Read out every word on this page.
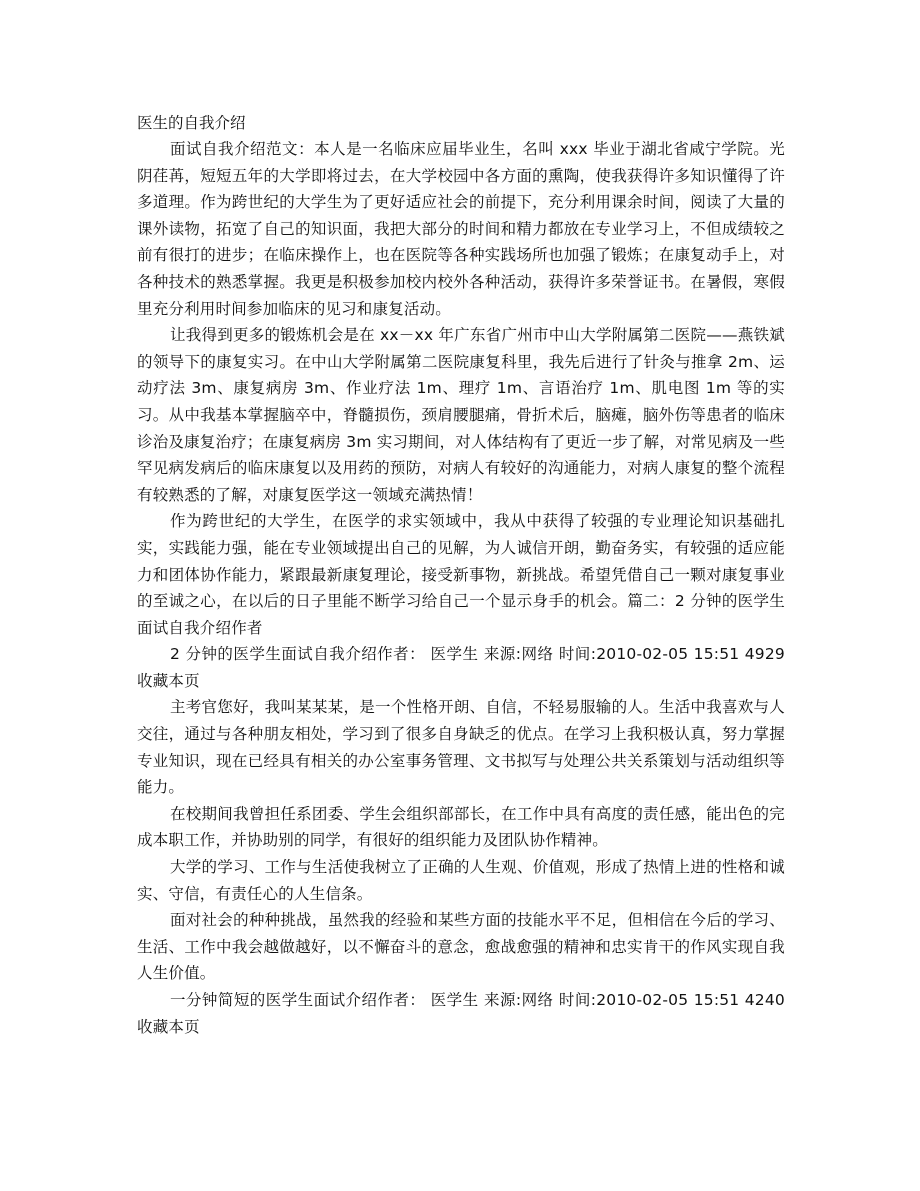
医生的自我介绍

面试自我介绍范文：本人是一名临床应届毕业生，名叫 xxx 毕业于湖北省咸宁学院。光阴荏苒，短短五年的大学即将过去，在大学校园中各方面的熏陶，使我获得许多知识懂得了许多道理。作为跨世纪的大学生为了更好适应社会的前提下，充分利用课余时间，阅读了大量的课外读物，拓宽了自己的知识面，我把大部分的时间和精力都放在专业学习上，不但成绩较之前有很打的进步；在临床操作上，也在医院等各种实践场所也加强了锻炼；在康复动手上，对各种技术的熟悉掌握。我更是积极参加校内校外各种活动，获得许多荣誉证书。在暑假，寒假里充分利用时间参加临床的见习和康复活动。

让我得到更多的锻炼机会是在 xx－xx 年广东省广州市中山大学附属第二医院——燕铁斌的领导下的康复实习。在中山大学附属第二医院康复科里，我先后进行了针灸与推拿 2m、运动疗法 3m、康复病房 3m、作业疗法 1m、理疗 1m、言语治疗 1m、肌电图 1m 等的实习。从中我基本掌握脑卒中，脊髓损伤，颈肩腰腿痛，骨折术后，脑瘫，脑外伤等患者的临床诊治及康复治疗；在康复病房 3m 实习期间，对人体结构有了更近一步了解，对常见病及一些罕见病发病后的临床康复以及用药的预防，对病人有较好的沟通能力，对病人康复的整个流程有较熟悉的了解，对康复医学这一领域充满热情！

作为跨世纪的大学生，在医学的求实领域中，我从中获得了较强的专业理论知识基础扎实，实践能力强，能在专业领域提出自己的见解，为人诚信开朗，勤奋务实，有较强的适应能力和团体协作能力，紧跟最新康复理论，接受新事物，新挑战。希望凭借自己一颗对康复事业的至诚之心，在以后的日子里能不断学习给自己一个显示身手的机会。篇二：2 分钟的医学生面试自我介绍作者

2 分钟的医学生面试自我介绍作者： 医学生 来源:网络 时间:2010-02-05 15:51 4929 收藏本页

主考官您好，我叫某某某，是一个性格开朗、自信，不轻易服输的人。生活中我喜欢与人交往，通过与各种朋友相处，学习到了很多自身缺乏的优点。在学习上我积极认真，努力掌握专业知识，现在已经具有相关的办公室事务管理、文书拟写与处理公共关系策划与活动组织等能力。

在校期间我曾担任系团委、学生会组织部部长，在工作中具有高度的责任感，能出色的完成本职工作，并协助别的同学，有很好的组织能力及团队协作精神。

大学的学习、工作与生活使我树立了正确的人生观、价值观，形成了热情上进的性格和诚实、守信，有责任心的人生信条。

面对社会的种种挑战，虽然我的经验和某些方面的技能水平不足，但相信在今后的学习、生活、工作中我会越做越好，以不懈奋斗的意念，愈战愈强的精神和忠实肯干的作风实现自我人生价值。

一分钟简短的医学生面试介绍作者： 医学生 来源:网络 时间:2010-02-05 15:51 4240 收藏本页
